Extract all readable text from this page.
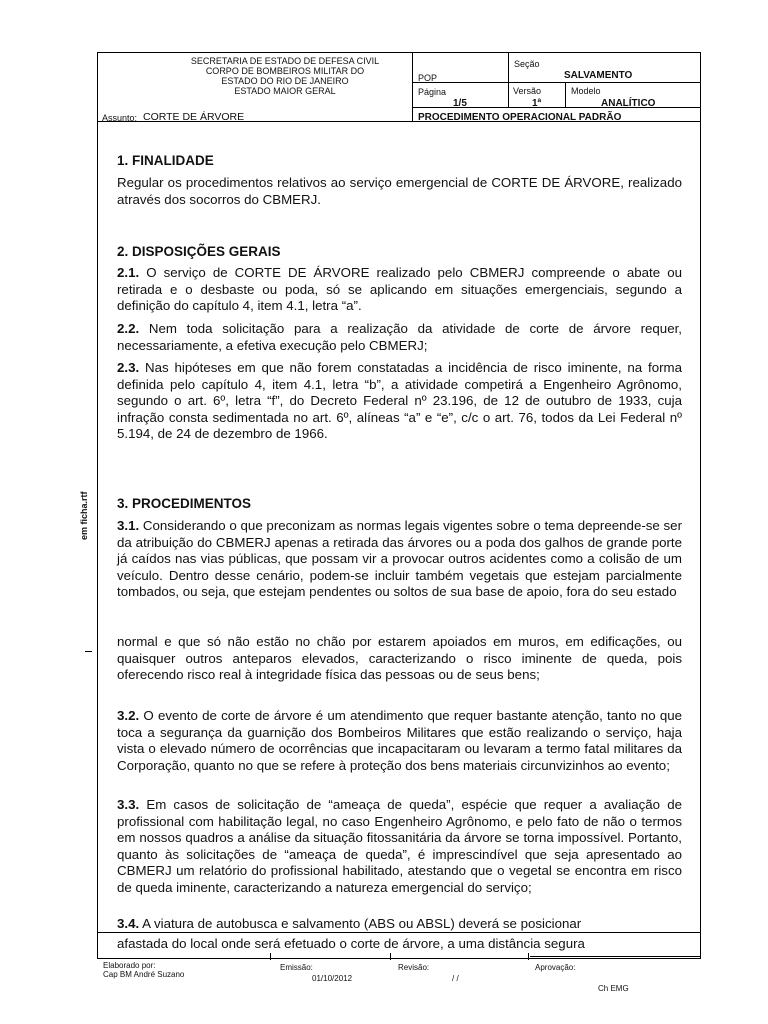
SECRETARIA DE ESTADO DE DEFESA CIVIL
CORPO DE BOMBEIROS MILITAR DO
ESTADO DO RIO DE JANEIRO
ESTADO MAIOR GERAL
POP
Seção
SALVAMENTO
Página
1/5
Versão
1ª
Modelo
ANALÍTICO
Assunto: CORTE DE ÁRVORE	PROCEDIMENTO OPERACIONAL PADRÃO
em ficha.rtf
1. FINALIDADE
Regular os procedimentos relativos ao serviço emergencial de CORTE DE ÁRVORE, realizado através dos socorros do CBMERJ.
2. DISPOSIÇÕES GERAIS
2.1. O serviço de CORTE DE ÁRVORE realizado pelo CBMERJ compreende o abate ou retirada e o desbaste ou poda, só se aplicando em situações emergenciais, segundo a definição do capítulo 4, item 4.1, letra “a”.
2.2. Nem toda solicitação para a realização da atividade de corte de árvore requer, necessariamente, a efetiva execução pelo CBMERJ;
2.3. Nas hipóteses em que não forem constatadas a incidência de risco iminente, na forma definida pelo capítulo 4, item 4.1, letra “b”, a atividade competirá a Engenheiro Agrônomo, segundo o art. 6º, letra “f”, do Decreto Federal nº 23.196, de 12 de outubro de 1933, cuja infração consta sedimentada no art. 6º, alíneas “a” e “e”, c/c o art. 76, todos da Lei Federal nº 5.194, de 24 de dezembro de 1966.
3. PROCEDIMENTOS
3.1. Considerando o que preconizam as normas legais vigentes sobre o tema depreende-se ser da atribuição do CBMERJ apenas a retirada das árvores ou a poda dos galhos de grande porte já caídos nas vias públicas, que possam vir a provocar outros acidentes como a colisão de um veículo. Dentro desse cenário, podem-se incluir também vegetais que estejam parcialmente tombados, ou seja, que estejam pendentes ou soltos de sua base de apoio, fora do seu estado
normal e que só não estão no chão por estarem apoiados em muros, em edificações, ou quaisquer outros anteparos elevados, caracterizando o risco iminente de queda, pois oferecendo risco real à integridade física das pessoas ou de seus bens;
3.2. O evento de corte de árvore é um atendimento que requer bastante atenção, tanto no que toca a segurança da guarnição dos Bombeiros Militares que estão realizando o serviço, haja vista o elevado número de ocorrências que incapacitaram ou levaram a termo fatal militares da Corporação, quanto no que se refere à proteção dos bens materiais circunvizinhos ao evento;
3.3. Em casos de solicitação de “ameaça de queda”, espécie que requer a avaliação de profissional com habilitação legal, no caso Engenheiro Agrônomo, e pelo fato de não o termos em nossos quadros a análise da situação fitossanitária da árvore se torna impossível. Portanto, quanto às solicitações de “ameaça de queda”, é imprescindível que seja apresentado ao CBMERJ um relatório do profissional habilitado, atestando que o vegetal se encontra em risco de queda iminente, caracterizando a natureza emergencial do serviço;
3.4. A viatura de autobusca e salvamento (ABS ou ABSL) deverá se posicionar
afastada do local onde será efetuado o corte de árvore, a uma distância segura
Elaborado por:
Cap BM André Suzano
Emissão:
01/10/2012
Revisão:
/ /
Aprovação:
Ch EMG
